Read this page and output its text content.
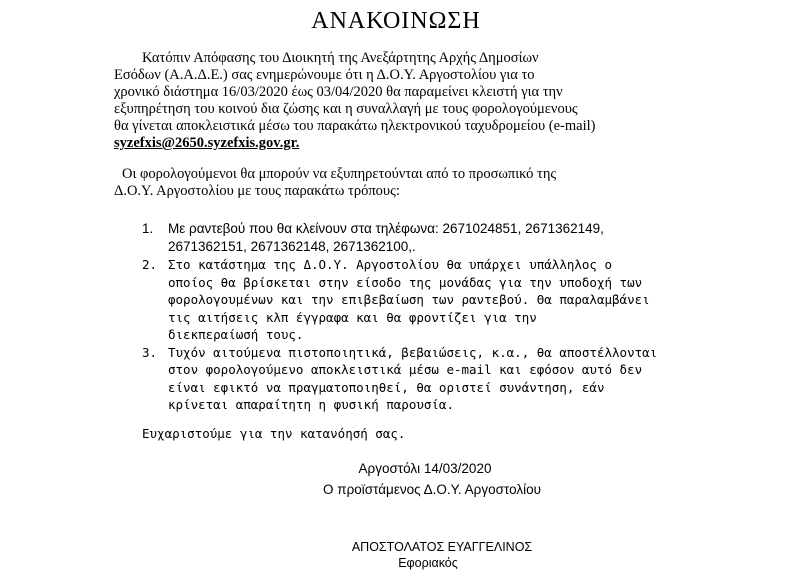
ΑΝΑΚΟΙΝΩΣΗ
Κατόπιν Απόφασης του Διοικητή της Ανεξάρτητης Αρχής Δημοσίων
Εσόδων (Α.Α.Δ.Ε.) σας ενημερώνουμε ότι η Δ.Ο.Υ. Αργοστολίου για το
χρονικό διάστημα 16/03/2020 έως 03/04/2020 θα παραμείνει κλειστή για την
εξυπηρέτηση του κοινού δια ζώσης και η συναλλαγή με τους φορολογούμενους
θα γίνεται αποκλειστικά μέσω του παρακάτω ηλεκτρονικού ταχυδρομείου (e-mail)
syzefxis@2650.syzefxis.gov.gr.
Οι φορολογούμενοι θα μπορούν να εξυπηρετούνται από το προσωπικό της
Δ.Ο.Υ. Αργοστολίου με τους παρακάτω τρόπους:
1. Με ραντεβού που θα κλείνουν στα τηλέφωνα: 2671024851, 2671362149,
2671362151, 2671362148, 2671362100,.
2. Στο κατάστημα της Δ.Ο.Υ. Αργοστολίου θα υπάρχει υπάλληλος ο
οποίος θα βρίσκεται στην είσοδο της μονάδας για την υποδοχή των
φορολογουμένων και την επιβεβαίωση των ραντεβού. Θα παραλαμβάνει
τις αιτήσεις κλπ έγγραφα και θα φροντίζει για την
διεκπεραίωσή τους.
3. Τυχόν αιτούμενα πιστοποιητικά, βεβαιώσεις, κ.α., θα αποστέλλονται
στον φορολογούμενο αποκλειστικά μέσω e-mail και εφόσον αυτό δεν
είναι εφικτό να πραγματοποιηθεί, θα οριστεί συνάντηση, εάν
κρίνεται απαραίτητη η φυσική παρουσία.
Ευχαριστούμε για την κατανόησή σας.
Αργοστόλι 14/03/2020
Ο προϊστάμενος Δ.Ο.Υ. Αργοστολίου
ΑΠΟΣΤΟΛΑΤΟΣ ΕΥΑΓΓΕΛΙΝΟΣ
Εφοριακός
